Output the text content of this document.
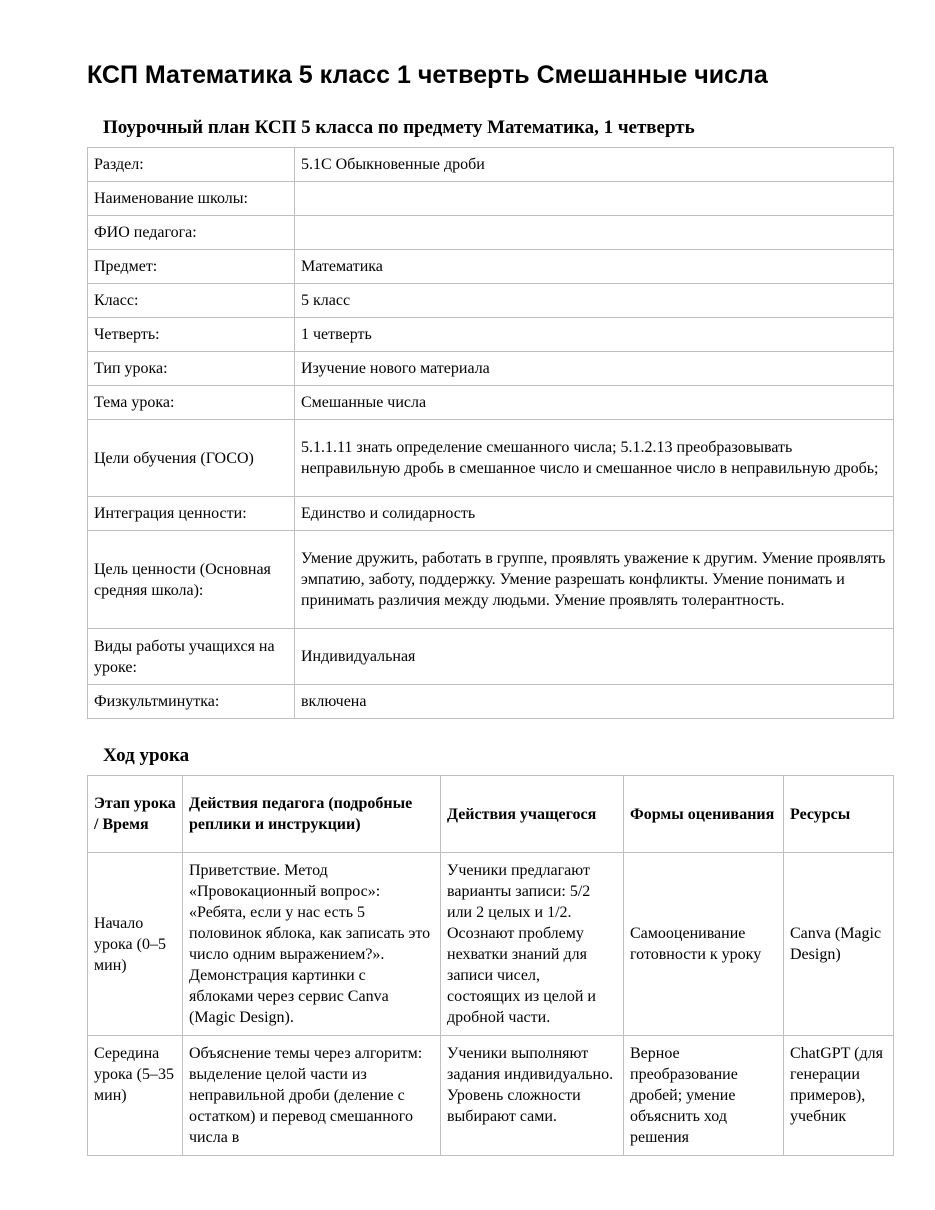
КСП Математика 5 класс 1 четверть Смешанные числа
Поурочный план КСП 5 класса по предмету Математика, 1 четверть
Раздел:	5.1С Обыкновенные дроби
Наименование школы:	
ФИО педагога:	
Предмет:	Математика
Класс:	5 класс
Четверть:	1 четверть
Тип урока:	Изучение нового материала
Тема урока:	Смешанные числа
Цели обучения (ГОСО)	5.1.1.11 знать определение смешанного числа; 5.1.2.13 преобразовывать неправильную дробь в смешанное число и смешанное число в неправильную дробь;
Интеграция ценности:	Единство и солидарность
Цель ценности (Основная средняя школа):	Умение дружить, работать в группе, проявлять уважение к другим. Умение проявлять эмпатию, заботу, поддержку. Умение разрешать конфликты. Умение понимать и принимать различия между людьми. Умение проявлять толерантность.
Виды работы учащихся на уроке:	Индивидуальная
Физкультминутка:	включена
Ход урока
Этап урока / Время	Действия педагога (подробные реплики и инструкции)	Действия учащегося	Формы оценивания	Ресурсы
Начало урока (0–5 мин)	Приветствие. Метод «Провокационный вопрос»: «Ребята, если у нас есть 5 половинок яблока, как записать это число одним выражением?». Демонстрация картинки с яблоками через сервис Canva (Magic Design).	Ученики предлагают варианты записи: 5/2 или 2 целых и 1/2. Осознают проблему нехватки знаний для записи чисел, состоящих из целой и дробной части.	Самооценивание готовности к уроку	Canva (Magic Design)
Середина урока (5–35 мин)	Объяснение темы через алгоритм: выделение целой части из неправильной дроби (деление с остатком) и перевод смешанного числа в	Ученики выполняют задания индивидуально. Уровень сложности выбирают сами.	Верное преобразование дробей; умение объяснить ход решения	ChatGPT (для генерации примеров), учебник
